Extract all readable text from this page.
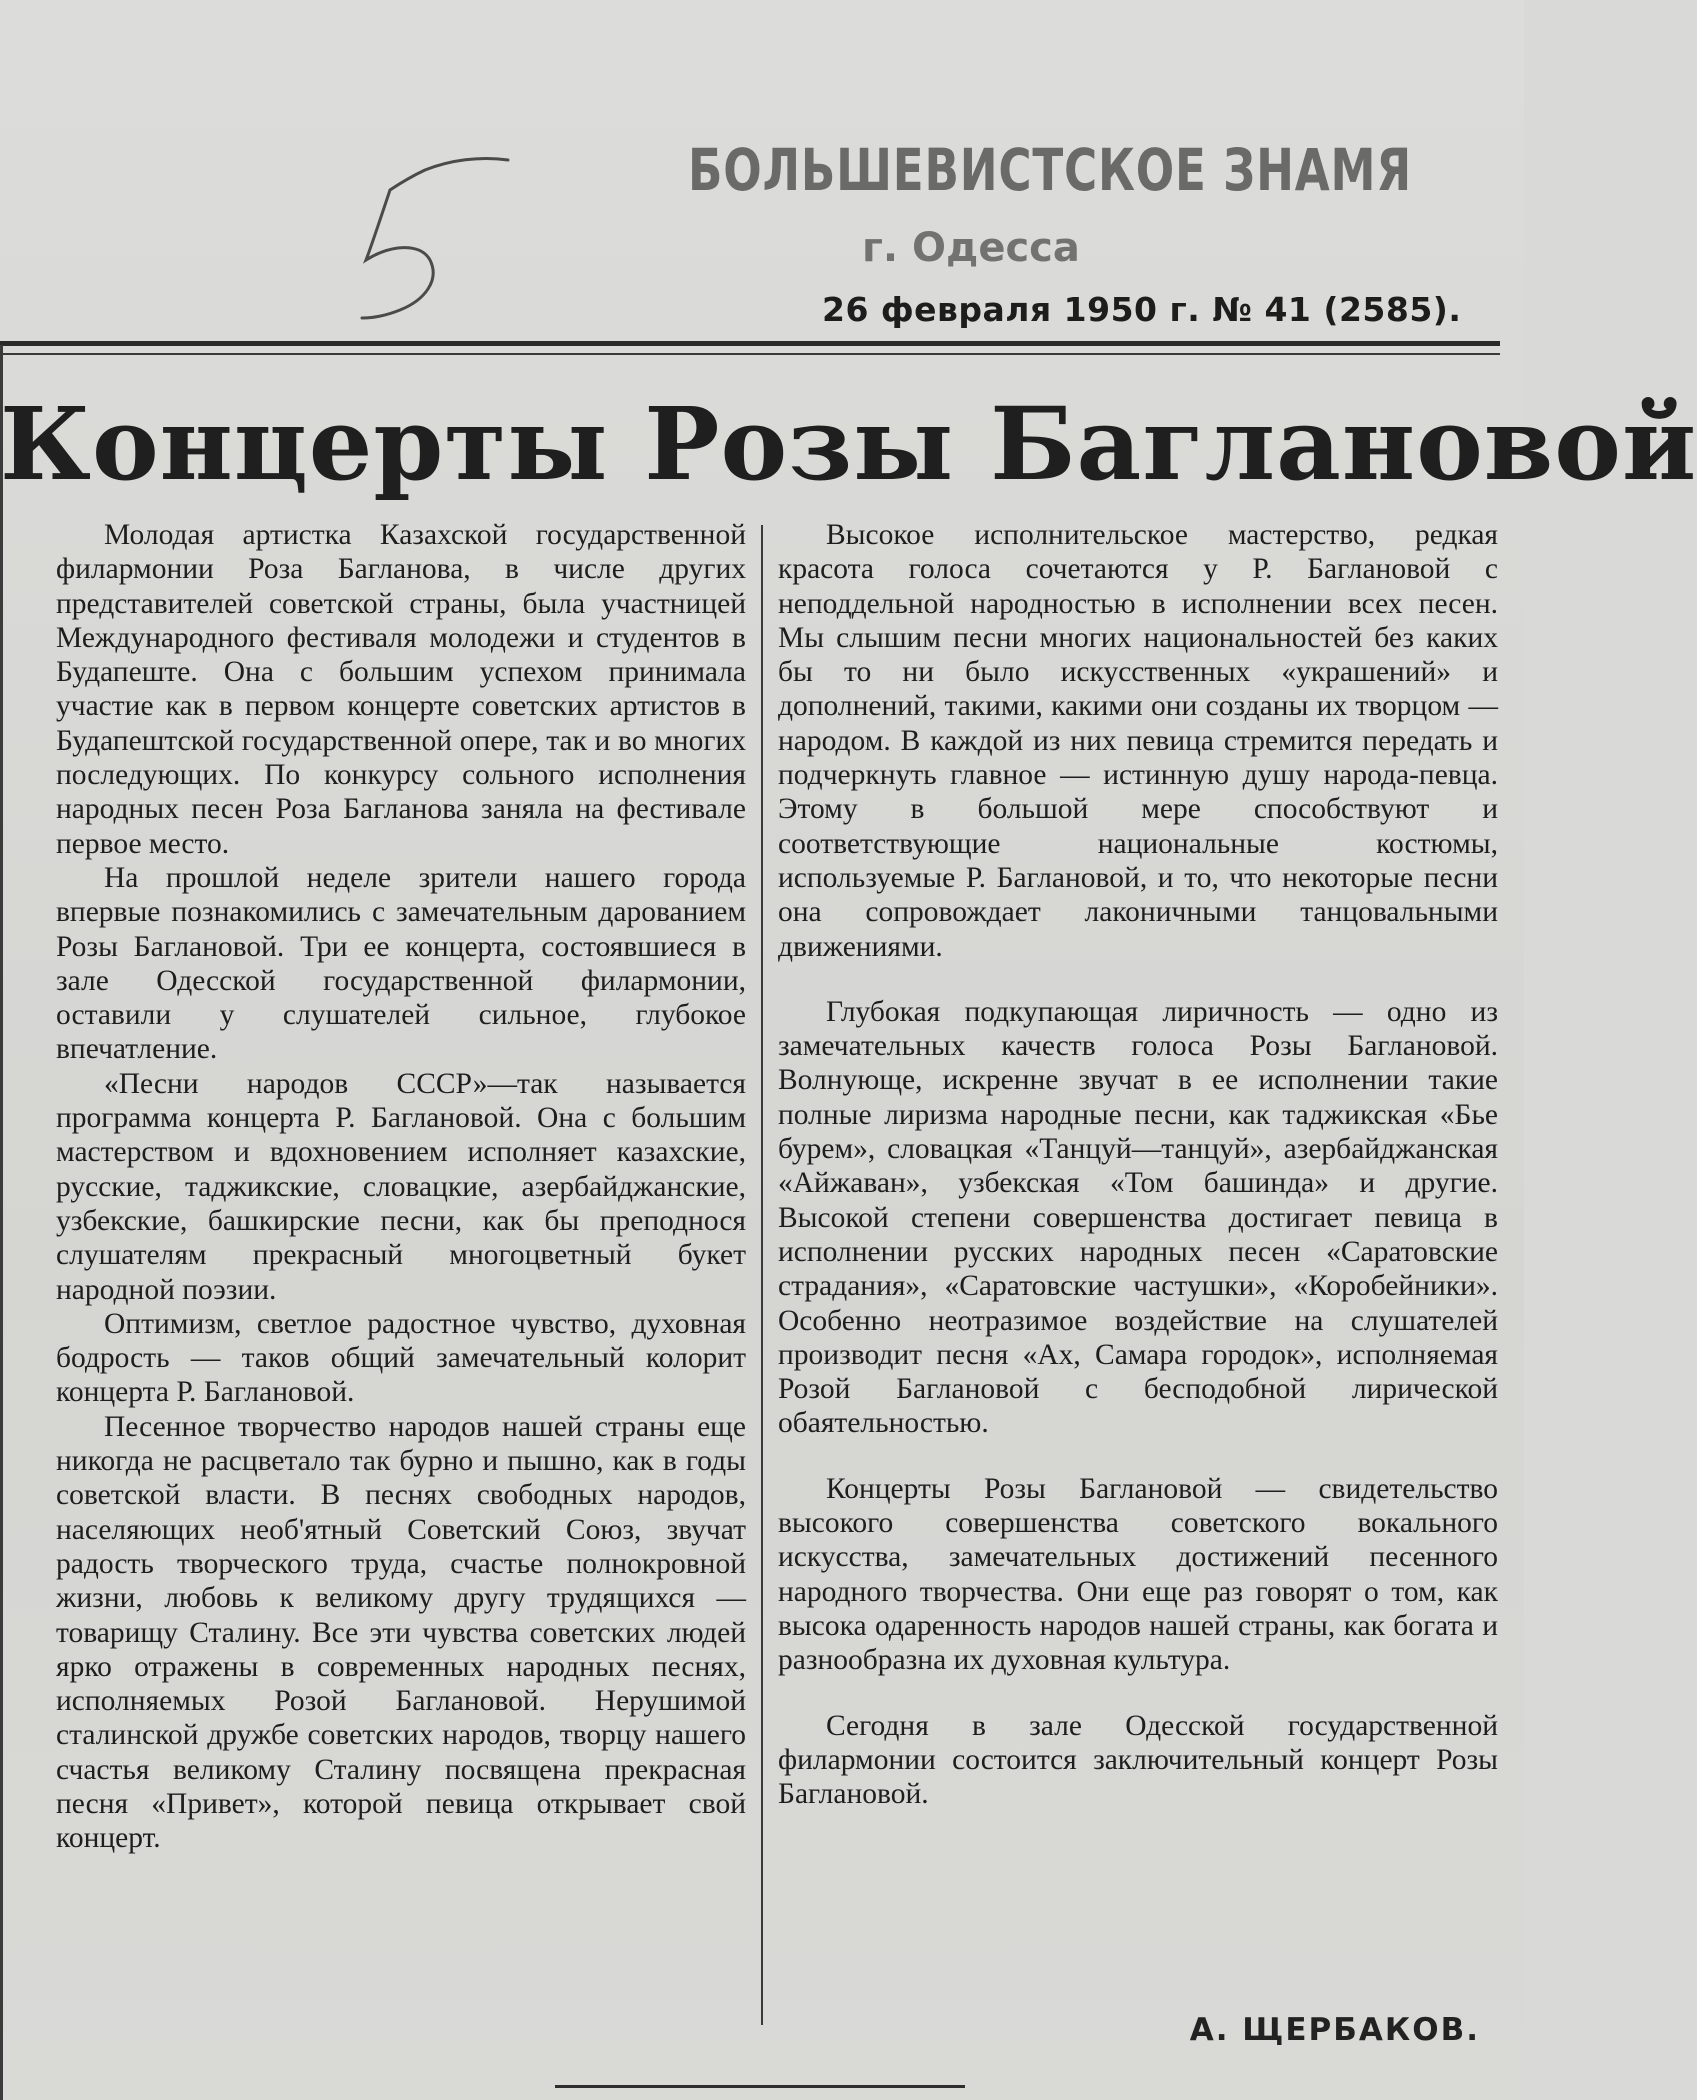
БОЛЬШЕВИСТСКОЕ ЗНАМЯ
г. Одесса
26 февраля 1950 г. № 41 (2585).
Концерты Розы Баглановой

Молодая артистка Казахской государственной филармонии Роза Багланова, в числе других представителей советской страны, была участницей Международного фестиваля молодежи и студентов в Будапеште. Она с большим успехом принимала участие как в первом концерте советских артистов в Будапештской государственной опере, так и во многих последующих. По конкурсу сольного исполнения народных песен Роза Багланова заняла на фестивале первое место.

На прошлой неделе зрители нашего города впервые познакомились с замечательным дарованием Розы Баглановой. Три ее концерта, состоявшиеся в зале Одесской государственной филармонии, оставили у слушателей сильное, глубокое впечатление.

«Песни народов СССР»—так называется программа концерта Р. Баглановой. Она с большим мастерством и вдохновением исполняет казахские, русские, таджикские, словацкие, азербайджанские, узбекские, башкирские песни, как бы преподнося слушателям прекрасный многоцветный букет народной поэзии.

Оптимизм, светлое радостное чувство, духовная бодрость — таков общий замечательный колорит концерта Р. Баглановой.

Песенное творчество народов нашей страны еще никогда не расцветало так бурно и пышно, как в годы советской власти. В песнях свободных народов, населяющих необ'ятный Советский Союз, звучат радость творческого труда, счастье полнокровной жизни, любовь к великому другу трудящихся — товарищу Сталину. Все эти чувства советских людей ярко отражены в современных народных песнях, исполняемых Розой Баглановой. Нерушимой сталинской дружбе советских народов, творцу нашего счастья великому Сталину посвящена прекрасная песня «Привет», которой певица открывает свой концерт.

Высокое исполнительское мастерство, редкая красота голоса сочетаются у Р. Баглановой с неподдельной народностью в исполнении всех песен. Мы слышим песни многих национальностей без каких бы то ни было искусственных «украшений» и дополнений, такими, какими они созданы их творцом — народом. В каждой из них певица стремится передать и подчеркнуть главное — истинную душу народа-певца. Этому в большой мере способствуют и соответствующие национальные костюмы, используемые Р. Баглановой, и то, что некоторые песни она сопровождает лаконичными танцовальными движениями.

Глубокая подкупающая лиричность — одно из замечательных качеств голоса Розы Баглановой. Волнующе, искренне звучат в ее исполнении такие полные лиризма народные песни, как таджикская «Бье бурем», словацкая «Танцуй—танцуй», азербайджанская «Айжаван», узбекская «Том башинда» и другие. Высокой степени совершенства достигает певица в исполнении русских народных песен «Саратовские страдания», «Саратовские частушки», «Коробейники». Особенно неотразимое воздействие на слушателей производит песня «Ах, Самара городок», исполняемая Розой Баглановой с бесподобной лирической обаятельностью.

Концерты Розы Баглановой — свидетельство высокого совершенства советского вокального искусства, замечательных достижений песенного народного творчества. Они еще раз говорят о том, как высока одаренность народов нашей страны, как богата и разнообразна их духовная культура.

Сегодня в зале Одесской государственной филармонии состоится заключительный концерт Розы Баглановой.

А. ЩЕРБАКОВ.
